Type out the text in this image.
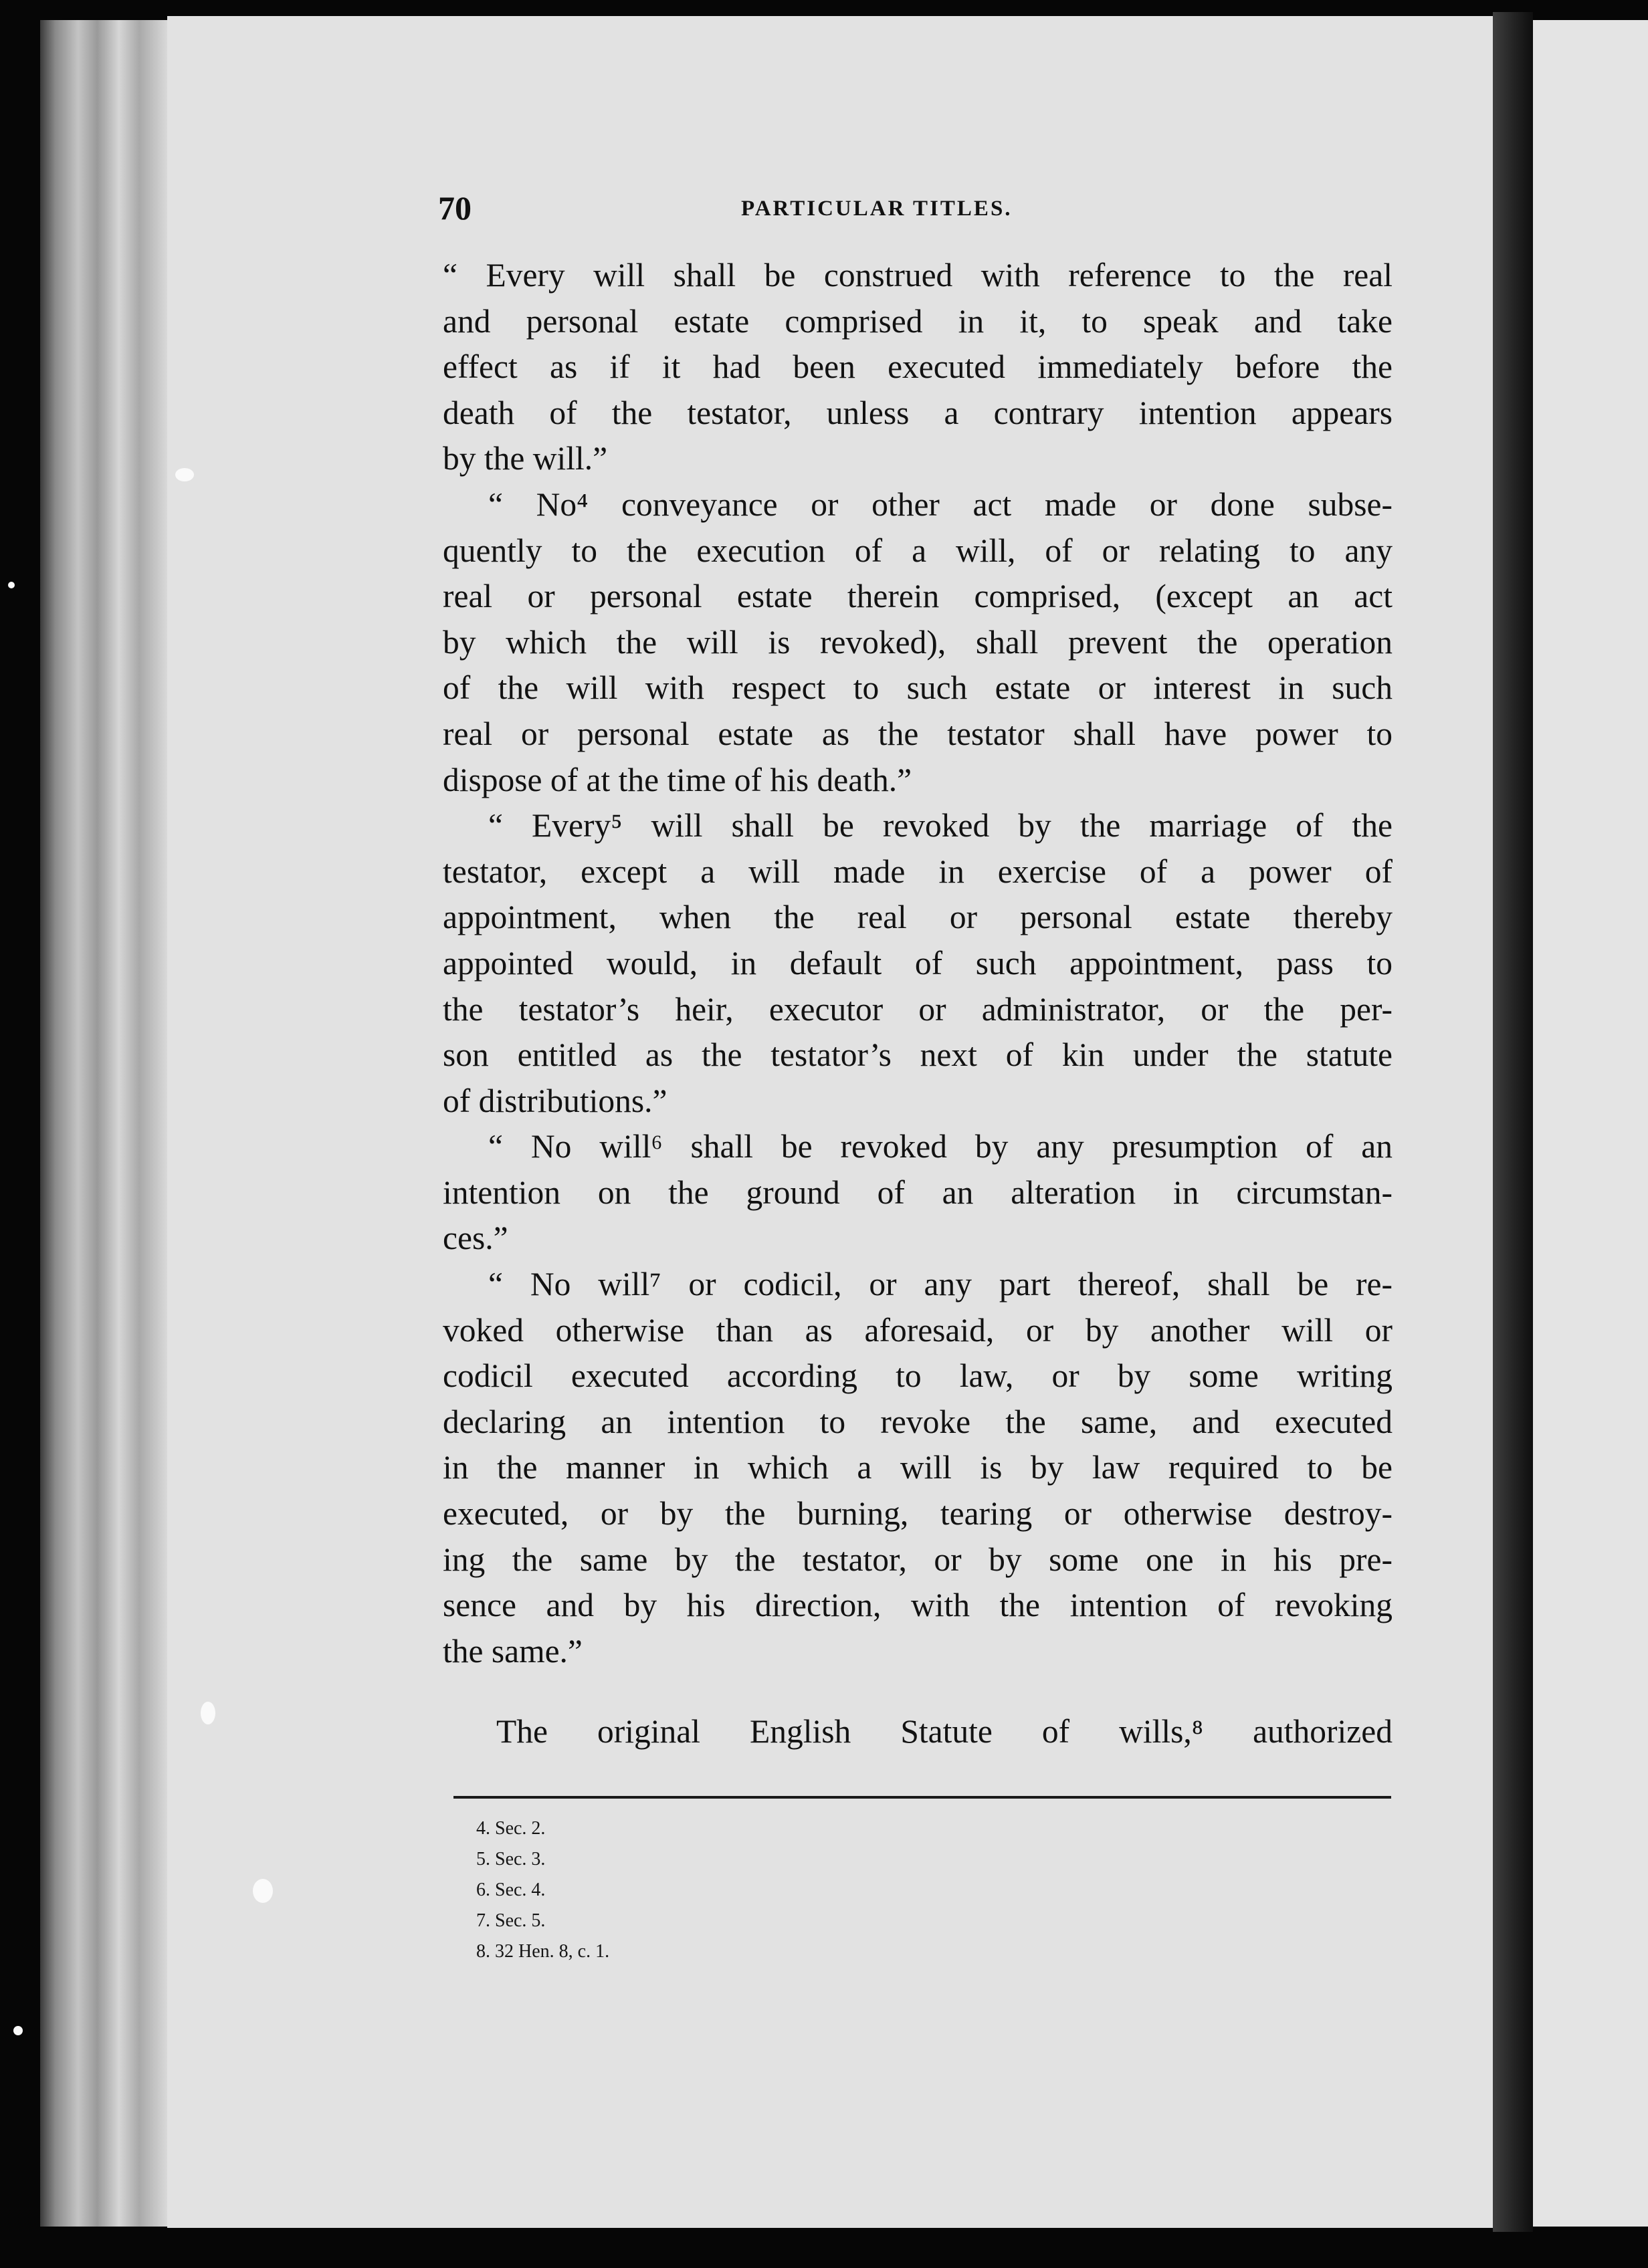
70	PARTICULAR TITLES.
“ Every will shall be construed with reference to the real
and personal estate comprised in it, to speak and take
effect as if it had been executed immediately before the
death of the testator, unless a contrary intention appears
by the will.”
“ No⁴ conveyance or other act made or done subse-
quently to the execution of a will, of or relating to any
real or personal estate therein comprised, (except an act
by which the will is revoked), shall prevent the operation
of the will with respect to such estate or interest in such
real or personal estate as the testator shall have power to
dispose of at the time of his death.”
“ Every⁵ will shall be revoked by the marriage of the
testator, except a will made in exercise of a power of
appointment, when the real or personal estate thereby
appointed would, in default of such appointment, pass to
the testator’s heir, executor or administrator, or the per-
son entitled as the testator’s next of kin under the statute
of distributions.”
“ No will⁶ shall be revoked by any presumption of an
intention on the ground of an alteration in circumstan-
ces.”
“ No will⁷ or codicil, or any part thereof, shall be re-
voked otherwise than as aforesaid, or by another will or
codicil executed according to law, or by some writing
declaring an intention to revoke the same, and executed
in the manner in which a will is by law required to be
executed, or by the burning, tearing or otherwise destroy-
ing the same by the testator, or by some one in his pre-
sence and by his direction, with the intention of revoking
the same.”
The original English Statute of wills,⁸ authorized
4. Sec. 2.
5. Sec. 3.
6. Sec. 4.
7. Sec. 5.
8. 32 Hen. 8, c. 1.
